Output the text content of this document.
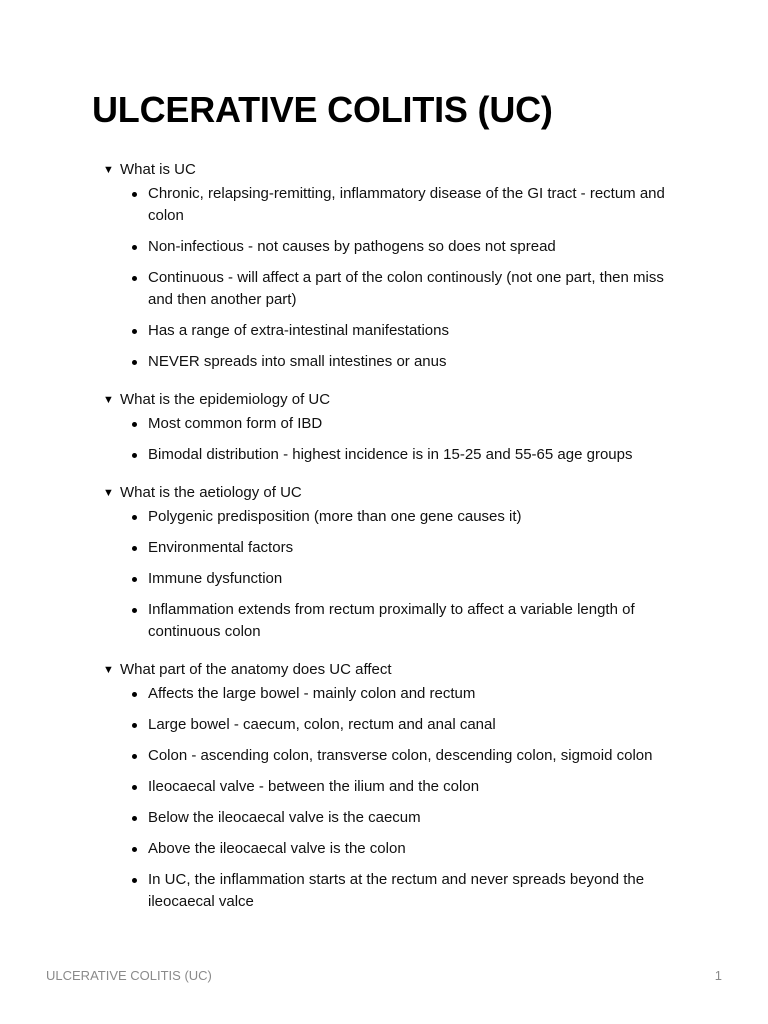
ULCERATIVE COLITIS (UC)
▼ What is UC
Chronic, relapsing-remitting, inflammatory disease of the GI tract - rectum and colon
Non-infectious - not causes by pathogens so does not spread
Continuous - will affect a part of the colon continously (not one part, then miss and then another part)
Has a range of extra-intestinal manifestations
NEVER spreads into small intestines or anus
▼ What is the epidemiology of UC
Most common form of IBD
Bimodal distribution - highest incidence is in 15-25 and 55-65 age groups
▼ What is the aetiology of UC
Polygenic predisposition (more than one gene causes it)
Environmental factors
Immune dysfunction
Inflammation extends from rectum proximally to affect a variable length of continuous colon
▼ What part of the anatomy does UC affect
Affects the large bowel - mainly colon and rectum
Large bowel - caecum, colon, rectum and anal canal
Colon - ascending colon, transverse colon, descending colon, sigmoid colon
Ileocaecal valve - between the ilium and the colon
Below the ileocaecal valve is the caecum
Above the ileocaecal valve is the colon
In UC, the inflammation starts at the rectum and never spreads beyond the ileocaecal valce
ULCERATIVE COLITIS (UC)	1
